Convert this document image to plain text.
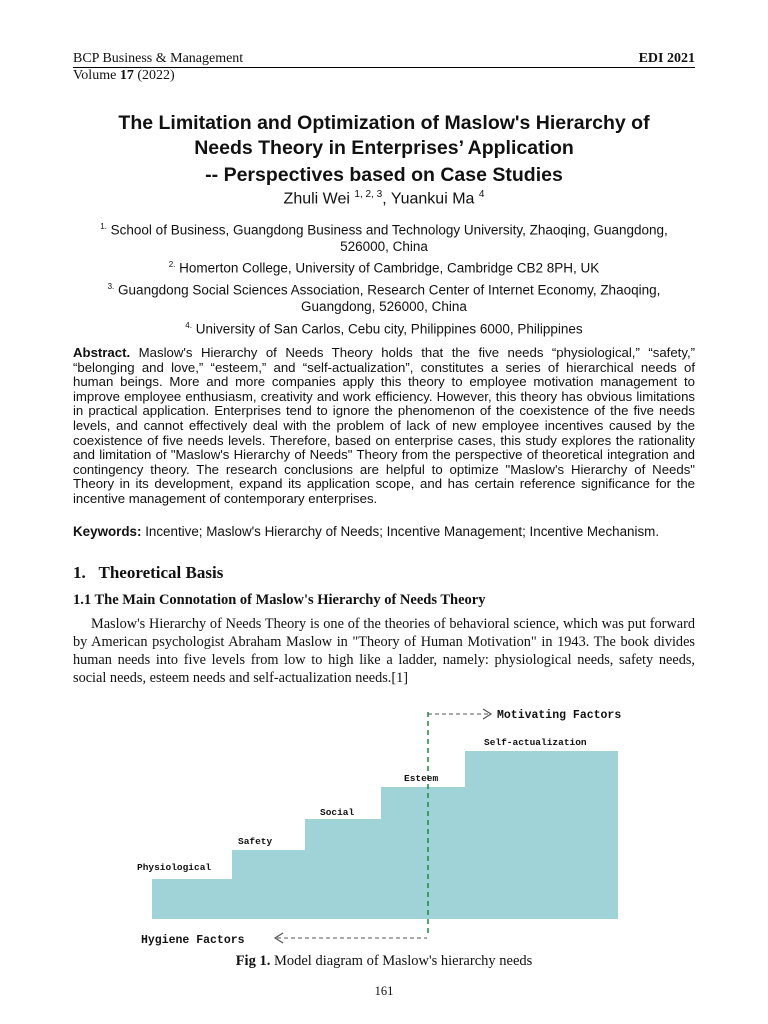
BCP Business & Management	EDI 2021
Volume 17 (2022)
The Limitation and Optimization of Maslow's Hierarchy of
Needs Theory in Enterprises’ Application
-- Perspectives based on Case Studies
Zhuli Wei $^{1, 2, 3}$, Yuankui Ma $^4$
$^{1.}$ School of Business, Guangdong Business and Technology University, Zhaoqing, Guangdong, 526000, China
$^{2.}$ Homerton College, University of Cambridge, Cambridge CB2 8PH, UK
$^{3.}$ Guangdong Social Sciences Association, Research Center of Internet Economy, Zhaoqing, Guangdong, 526000, China
$^{4.}$ University of San Carlos, Cebu city, Philippines 6000, Philippines
Abstract. Maslow's Hierarchy of Needs Theory holds that the five needs “physiological,” “safety,” “belonging and love,” “esteem,” and “self-actualization”, constitutes a series of hierarchical needs of human beings. More and more companies apply this theory to employee motivation management to improve employee enthusiasm, creativity and work efficiency. However, this theory has obvious limitations in practical application. Enterprises tend to ignore the phenomenon of the coexistence of the five needs levels, and cannot effectively deal with the problem of lack of new employee incentives caused by the coexistence of five needs levels. Therefore, based on enterprise cases, this study explores the rationality and limitation of "Maslow's Hierarchy of Needs" Theory from the perspective of theoretical integration and contingency theory. The research conclusions are helpful to optimize "Maslow's Hierarchy of Needs" Theory in its development, expand its application scope, and has certain reference significance for the incentive management of contemporary enterprises.
Keywords: Incentive; Maslow's Hierarchy of Needs; Incentive Management; Incentive Mechanism.
1. Theoretical Basis
1.1 The Main Connotation of Maslow's Hierarchy of Needs Theory
Maslow's Hierarchy of Needs Theory is one of the theories of behavioral science, which was put forward by American psychologist Abraham Maslow in "Theory of Human Motivation" in 1943. The book divides human needs into five levels from low to high like a ladder, namely: physiological needs, safety needs, social needs, esteem needs and self-actualization needs.[1]
Motivating Factors
Hygiene Factors
Physiological
Safety
Social
Esteem
Self-actualization
Fig 1. Model diagram of Maslow's hierarchy needs
161
